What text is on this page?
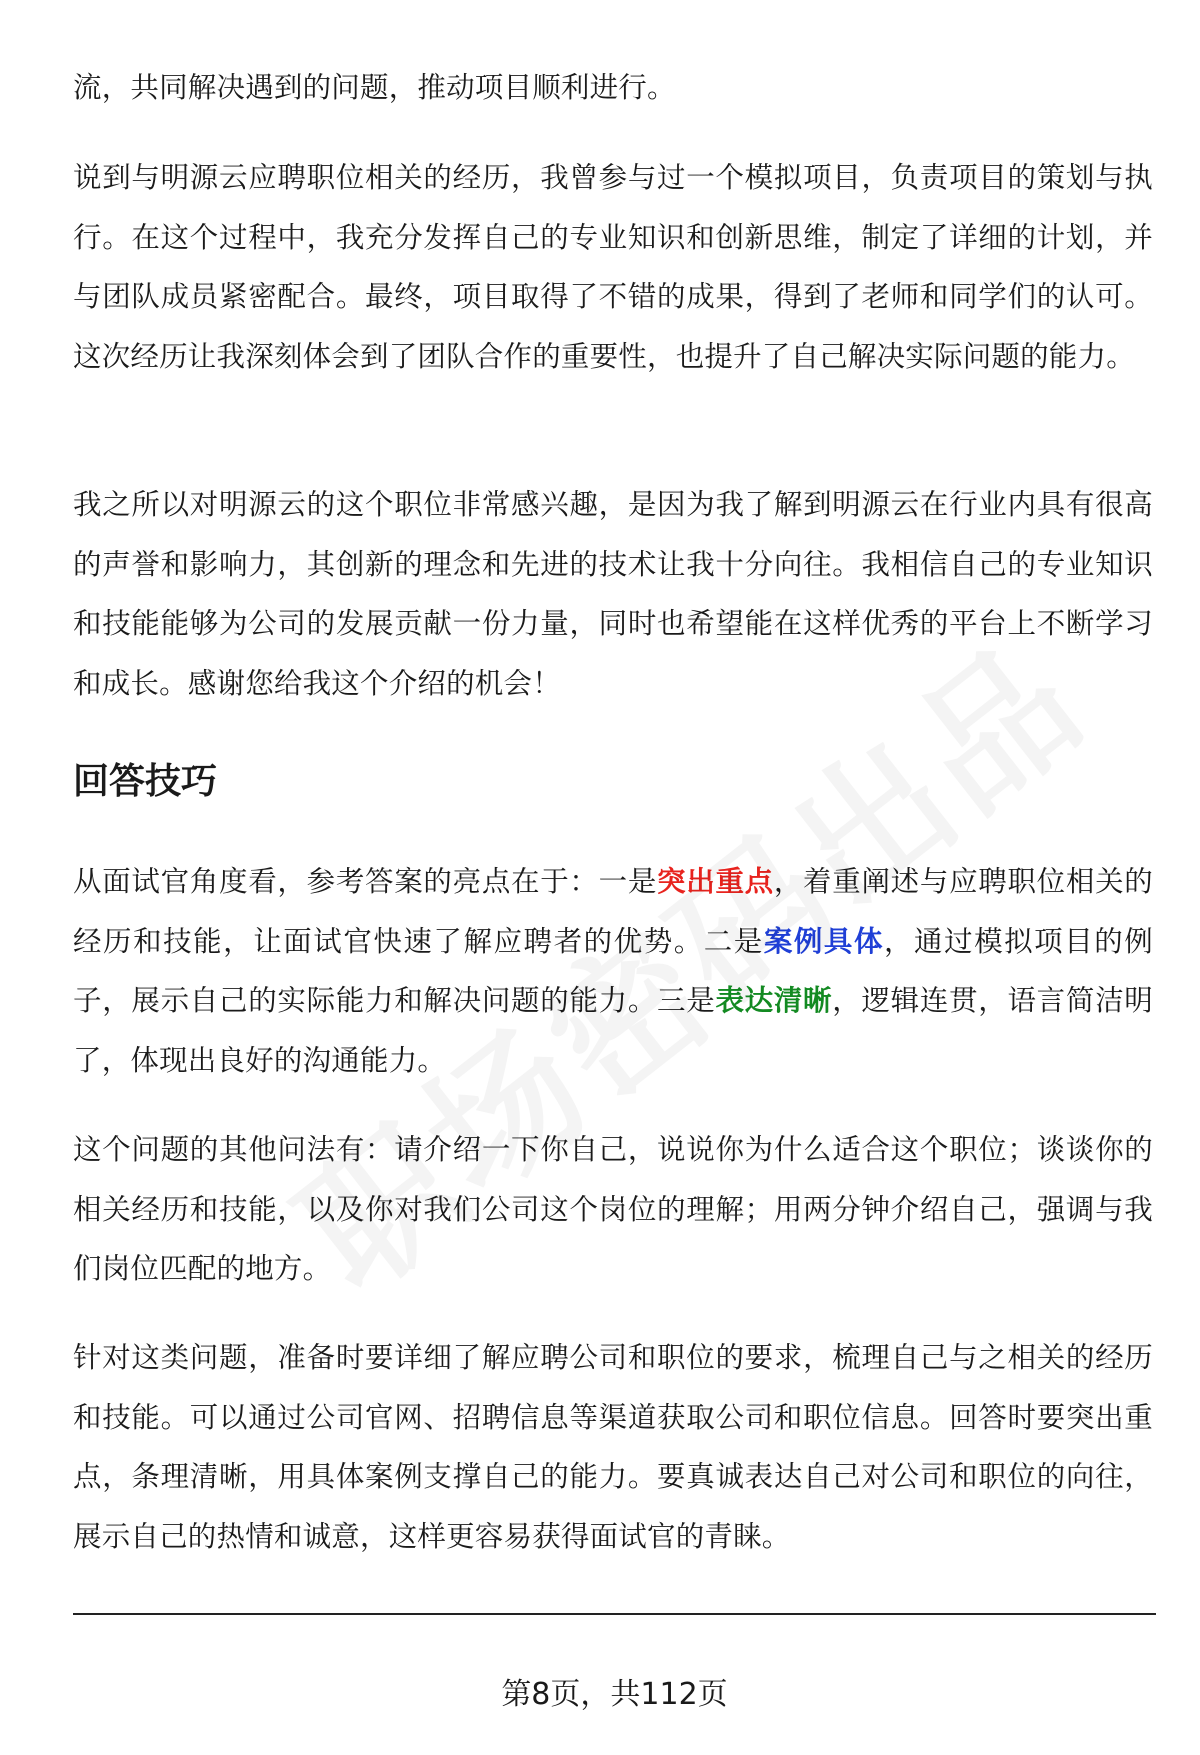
流，共同解决遇到的问题，推动项目顺利进行。

说到与明源云应聘职位相关的经历，我曾参与过一个模拟项目，负责项目的策划与执行。在这个过程中，我充分发挥自己的专业知识和创新思维，制定了详细的计划，并与团队成员紧密配合。最终，项目取得了不错的成果，得到了老师和同学们的认可。这次经历让我深刻体会到了团队合作的重要性，也提升了自己解决实际问题的能力。

我之所以对明源云的这个职位非常感兴趣，是因为我了解到明源云在行业内具有很高的声誉和影响力，其创新的理念和先进的技术让我十分向往。我相信自己的专业知识和技能能够为公司的发展贡献一份力量，同时也希望能在这样优秀的平台上不断学习和成长。感谢您给我这个介绍的机会！

回答技巧

从面试官角度看，参考答案的亮点在于：一是突出重点，着重阐述与应聘职位相关的经历和技能，让面试官快速了解应聘者的优势。二是案例具体，通过模拟项目的例子，展示自己的实际能力和解决问题的能力。三是表达清晰，逻辑连贯，语言简洁明了，体现出良好的沟通能力。

这个问题的其他问法有：请介绍一下你自己，说说你为什么适合这个职位；谈谈你的相关经历和技能，以及你对我们公司这个岗位的理解；用两分钟介绍自己，强调与我们岗位匹配的地方。

针对这类问题，准备时要详细了解应聘公司和职位的要求，梳理自己与之相关的经历和技能。可以通过公司官网、招聘信息等渠道获取公司和职位信息。回答时要突出重点，条理清晰，用具体案例支撑自己的能力。要真诚表达自己对公司和职位的向往，展示自己的热情和诚意，这样更容易获得面试官的青睐。

第8页，共112页
